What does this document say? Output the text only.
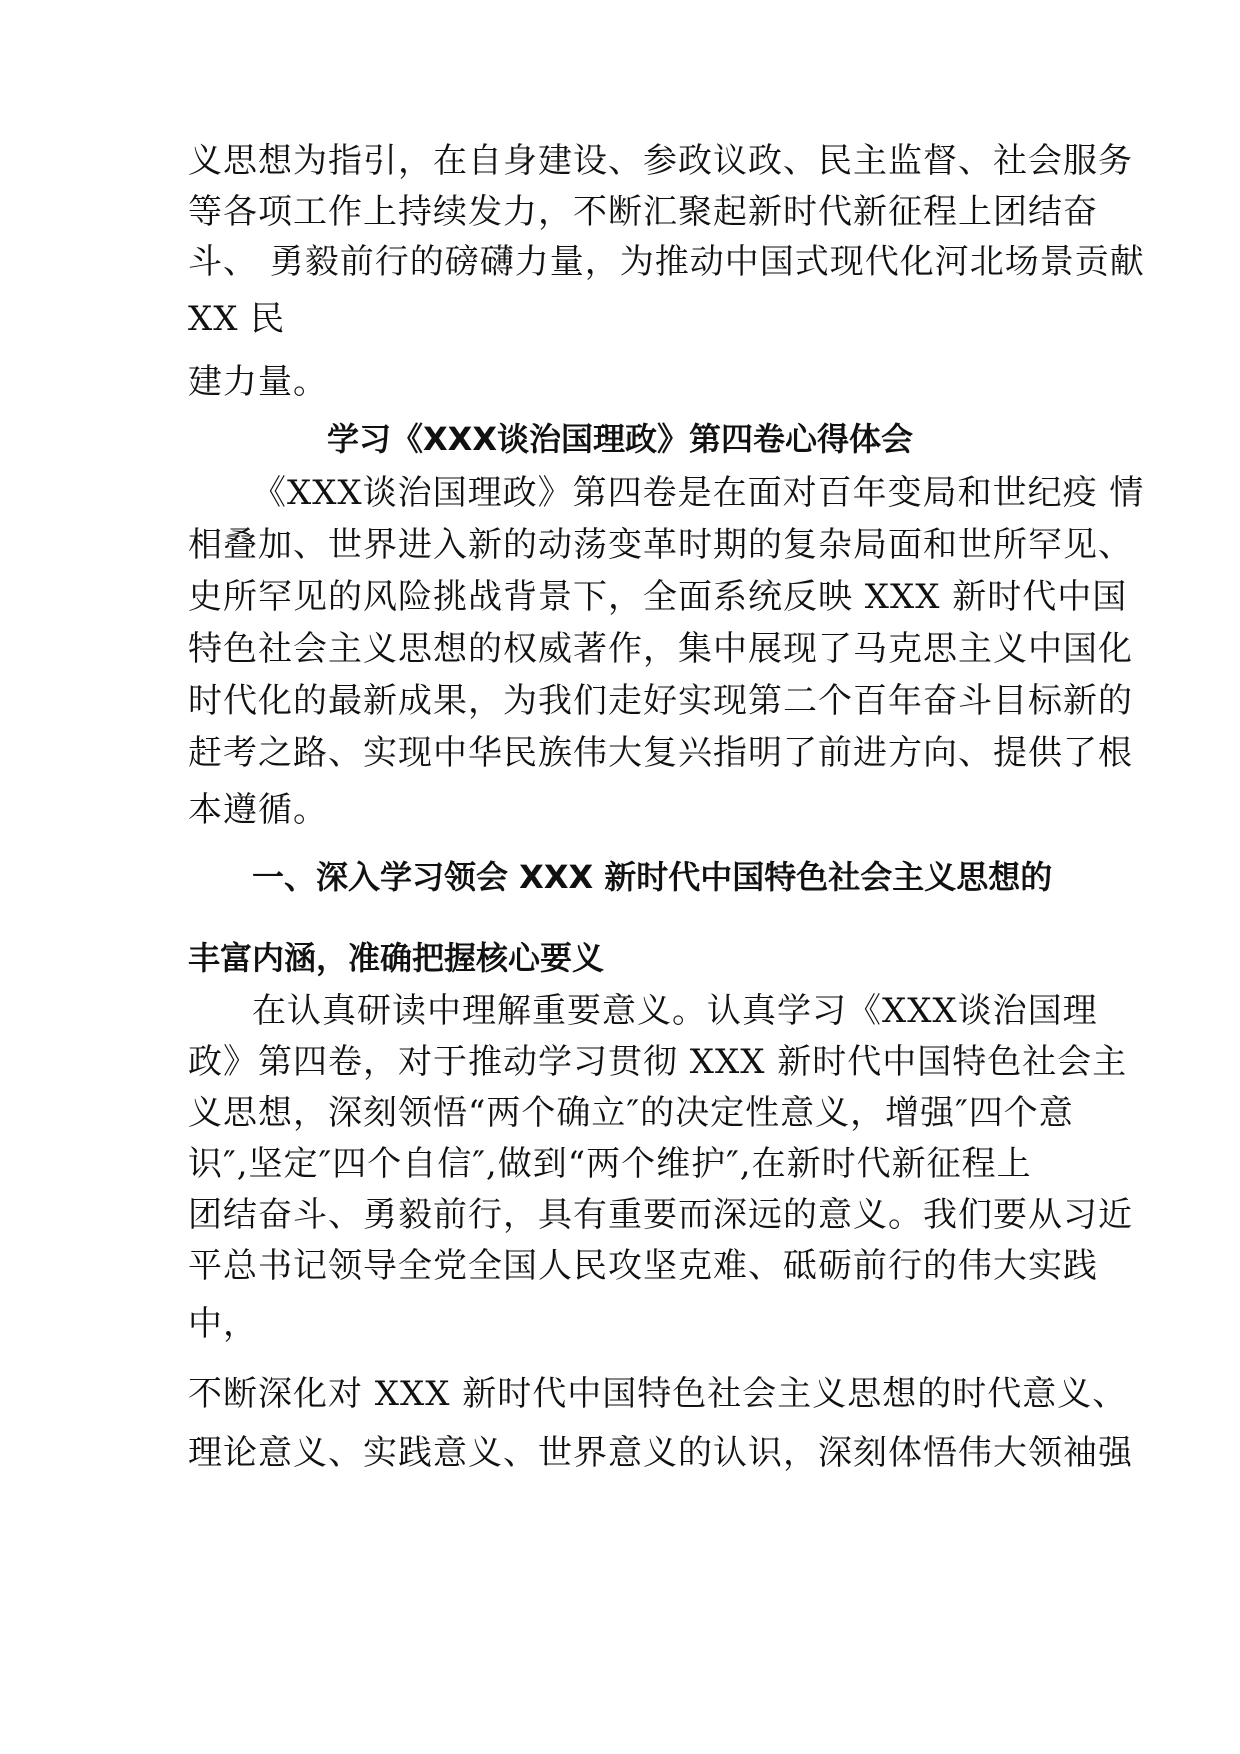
义思想为指引，在自身建设、参政议政、民主监督、社会服务
等各项工作上持续发力，不断汇聚起新时代新征程上团结奋
斗、 勇毅前行的磅礴力量，为推动中国式现代化河北场景贡献
XX 民
建力量。
学习《XXX谈治国理政》第四卷心得体会
《XXX谈治国理政》第四卷是在面对百年变局和世纪疫 情
相叠加、世界进入新的动荡变革时期的复杂局面和世所罕见、
史所罕见的风险挑战背景下，全面系统反映 XXX 新时代中国
特色社会主义思想的权威著作，集中展现了马克思主义中国化
时代化的最新成果，为我们走好实现第二个百年奋斗目标新的
赶考之路、实现中华民族伟大复兴指明了前进方向、提供了根
本遵循。
一、深入学习领会 XXX 新时代中国特色社会主义思想的
丰富内涵，准确把握核心要义
在认真研读中理解重要意义。认真学习《XXX谈治国理
政》第四卷，对于推动学习贯彻 XXX 新时代中国特色社会主
义思想，深刻领悟“两个确立″的决定性意义，增强″四个意
识″,坚定″四个自信″,做到“两个维护″,在新时代新征程上
团结奋斗、勇毅前行，具有重要而深远的意义。我们要从习近
平总书记领导全党全国人民攻坚克难、砥砺前行的伟大实践
中，
不断深化对 XXX 新时代中国特色社会主义思想的时代意义、
理论意义、实践意义、世界意义的认识，深刻体悟伟大领袖强
